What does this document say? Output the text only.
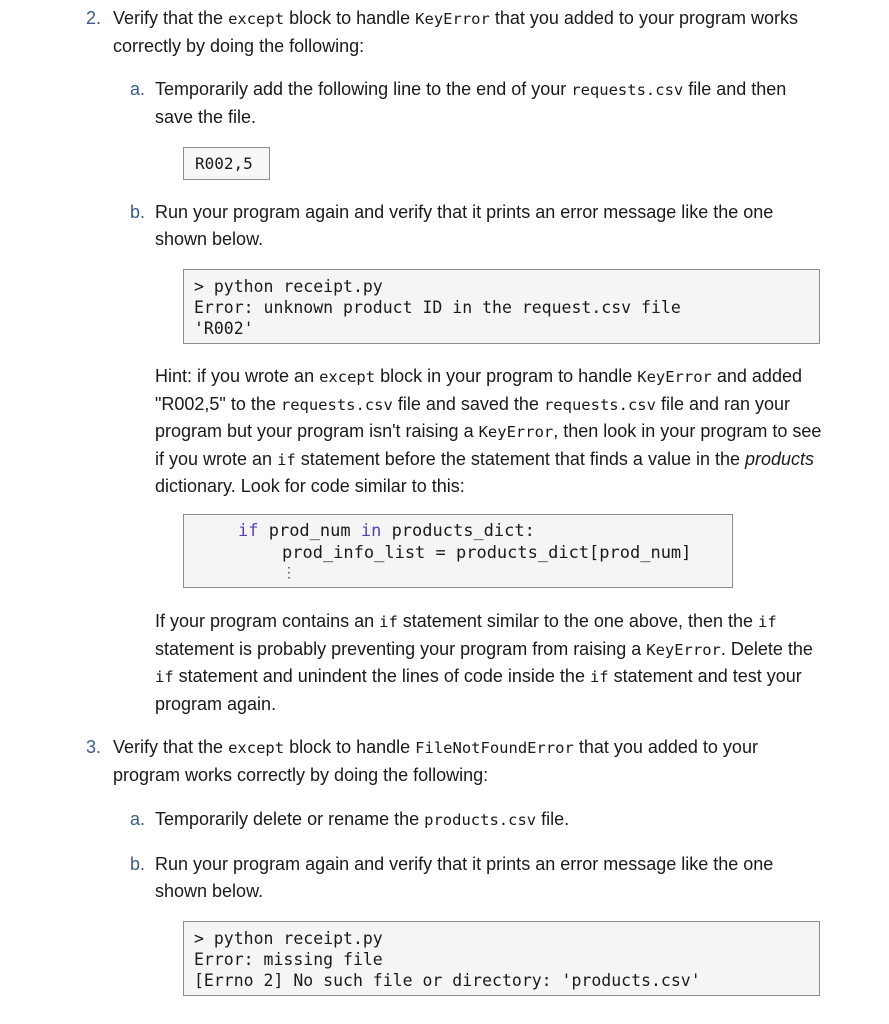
2. Verify that the except block to handle KeyError that you added to your program works correctly by doing the following:

a. Temporarily add the following line to the end of your requests.csv file and then save the file.

R002,5
b. Run your program again and verify that it prints an error message like the one shown below.

> python receipt.py
Error: unknown product ID in the request.csv file
'R002'

Hint: if you wrote an except block in your program to handle KeyError and added "R002,5" to the requests.csv file and saved the requests.csv file and ran your program but your program isn't raising a KeyError, then look in your program to see if you wrote an if statement before the statement that finds a value in the products dictionary. Look for code similar to this:

if prod_num in products_dict:
prod_info_list = products_dict[prod_num]
⋮

If your program contains an if statement similar to the one above, then the if statement is probably preventing your program from raising a KeyError. Delete the if statement and unindent the lines of code inside the if statement and test your program again.

3. Verify that the except block to handle FileNotFoundError that you added to your program works correctly by doing the following:

a. Temporarily delete or rename the products.csv file.

b. Run your program again and verify that it prints an error message like the one shown below.

> python receipt.py
Error: missing file
[Errno 2] No such file or directory: 'products.csv'
